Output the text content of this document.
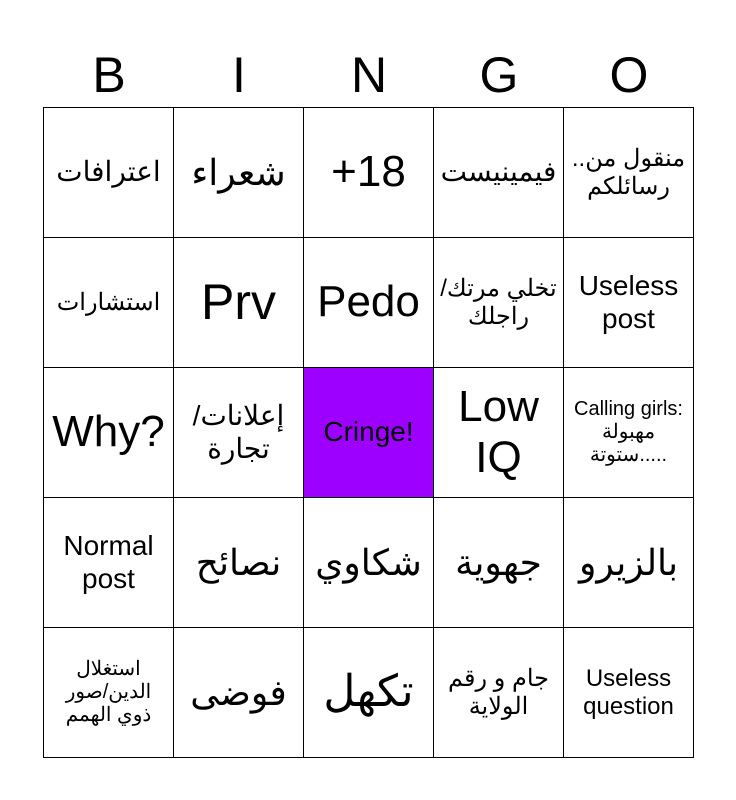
B	I	N	G	O
اعترافات	شعراء	+18	فيمينيست	منقول من.. رسائلكم

استشارات	Prv	Pedo	تخلي مرتك/ راجلك	Useless post

Why?	إعلانات/ تجارة	Cringe!	Low IQ	Calling girls: مهبولة ستوتة.....

Normal post	نصائح	شكاوي	جهوية	بالزيرو

استغلال الدين/صور ذوي الهمم	فوضى	تكهل	جام و رقم الولاية	Useless question
